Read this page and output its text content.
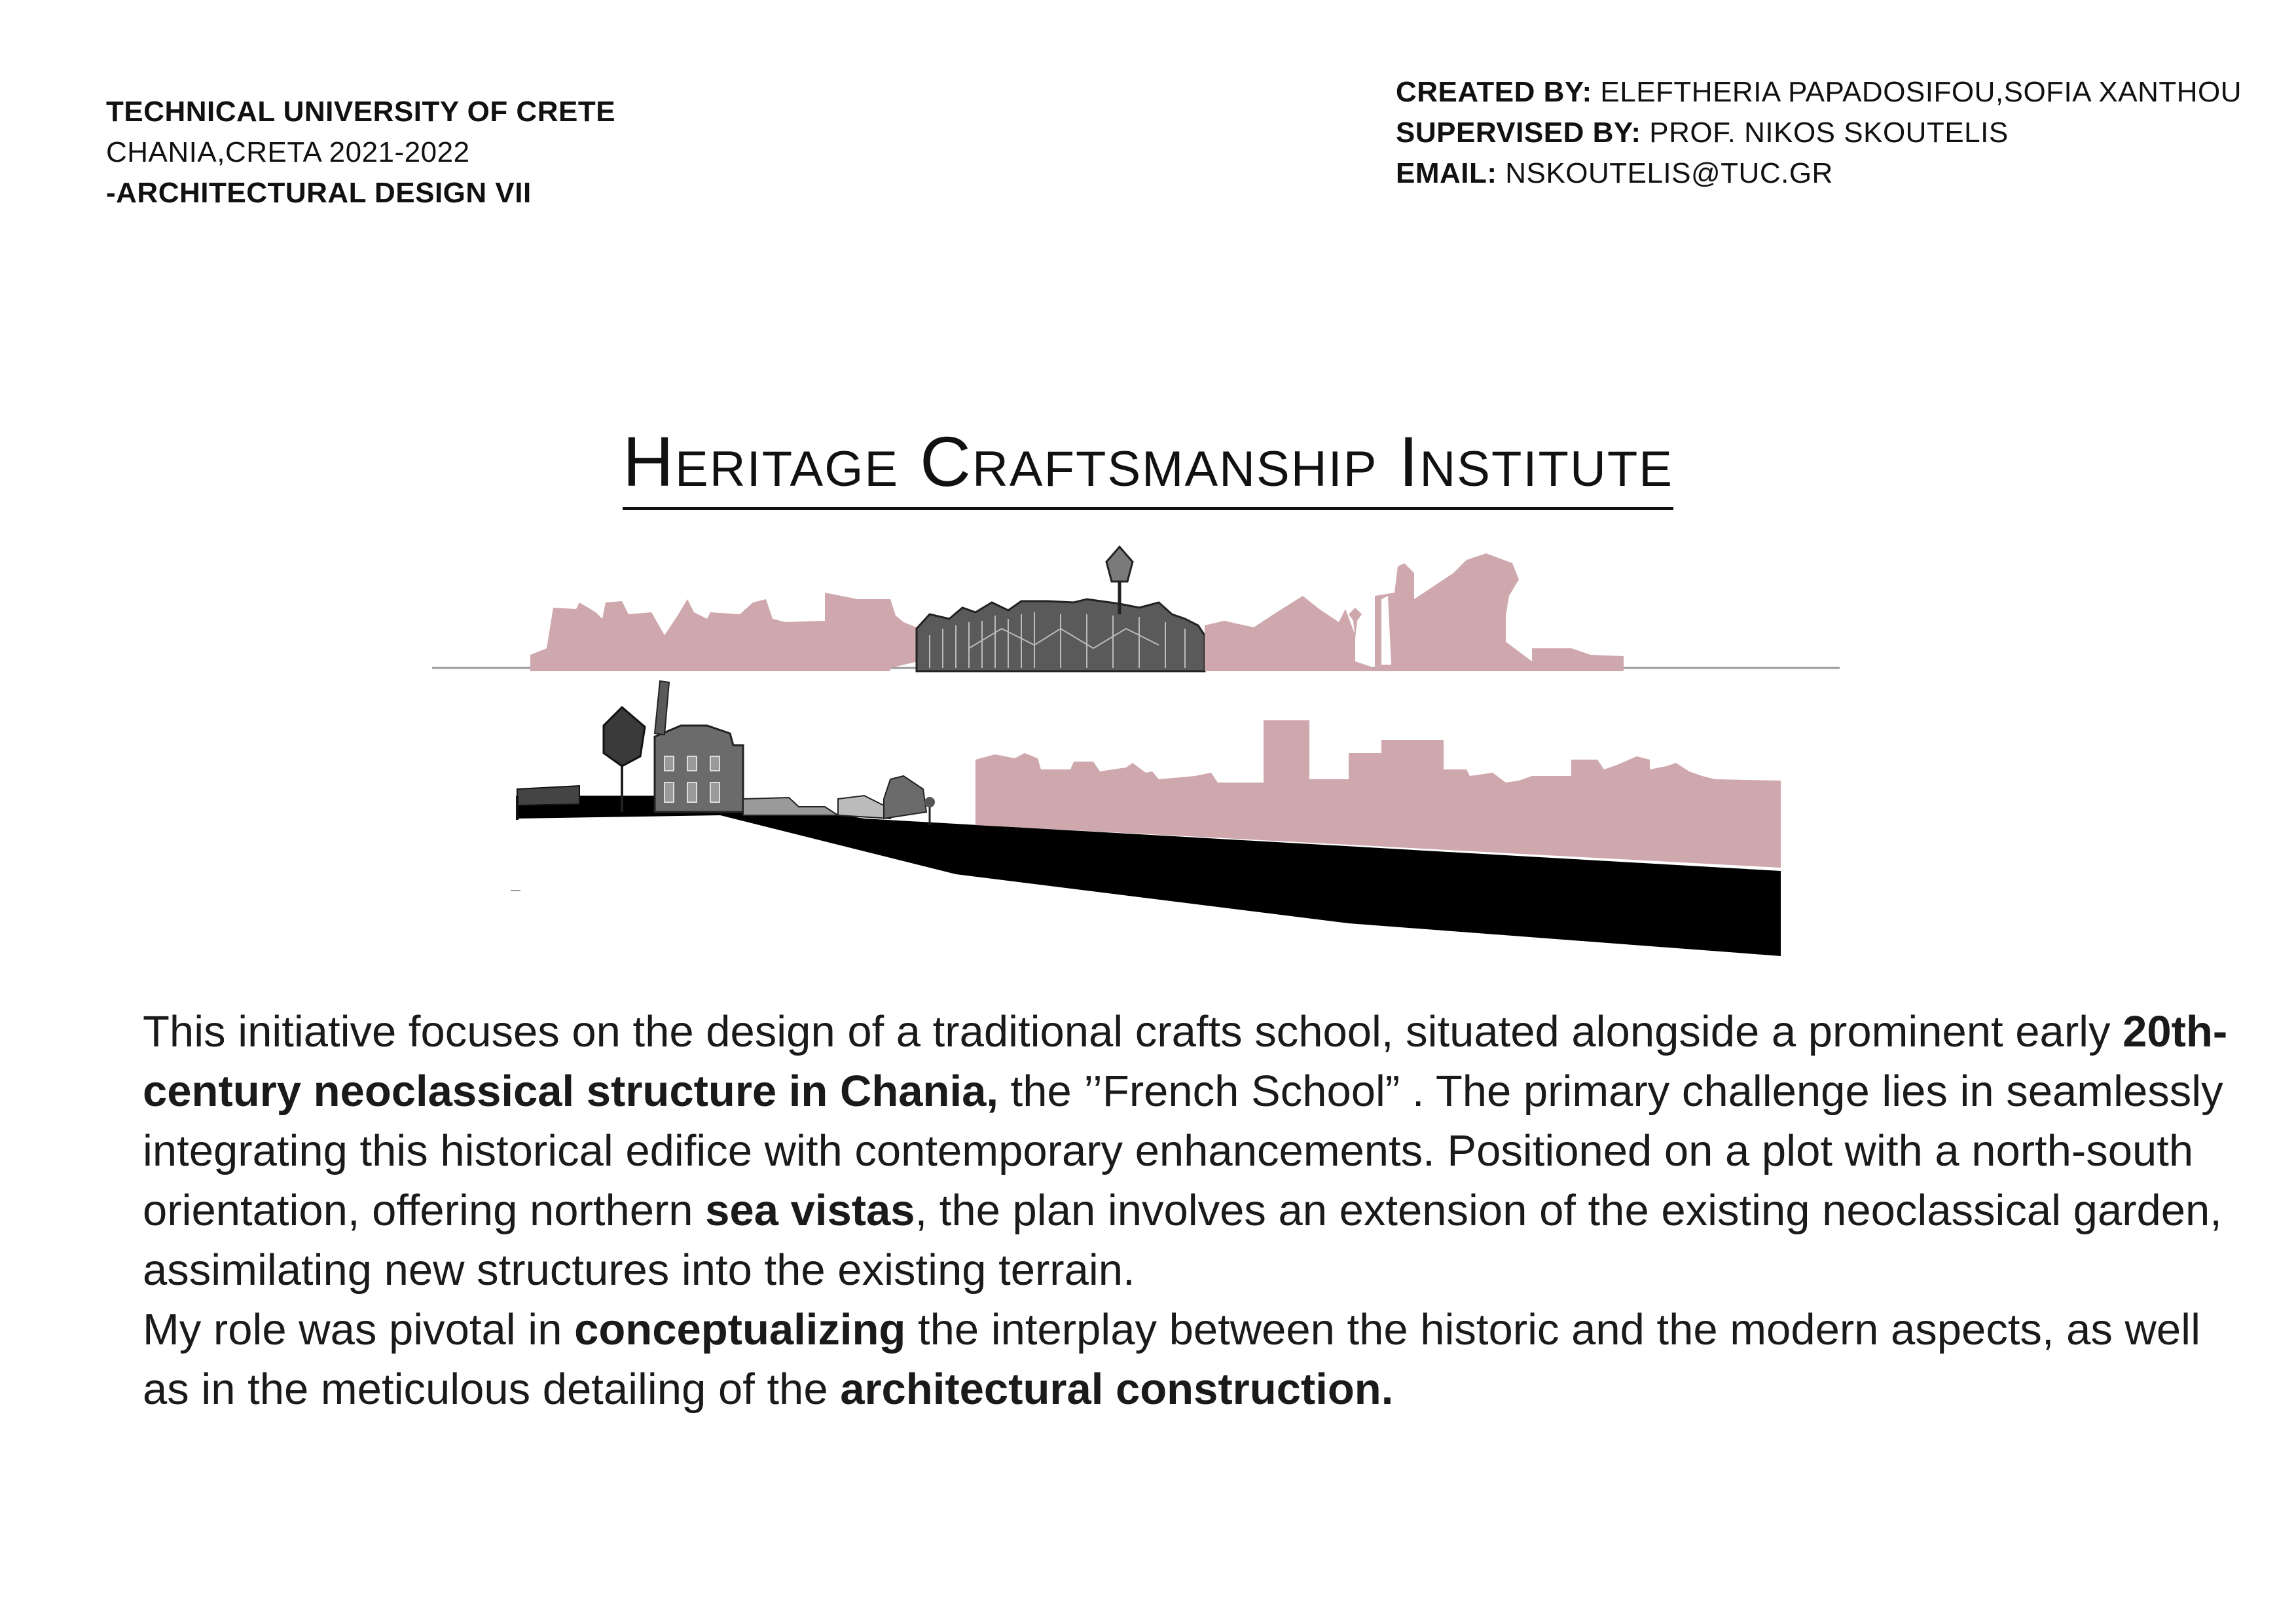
TECHNICAL UNIVERSITY OF CRETE
CHANIA,CRETA 2021-2022
-ARCHITECTURAL DESIGN VII
CREATED BY: ELEFTHERIA PAPADOSIFOU,SOFIA XANTHOU
SUPERVISED BY: PROF. NIKOS SKOUTELIS
EMAIL: NSKOUTELIS@TUC.GR
Heritage Craftsmanship Institute

This initiative focuses on the design of a traditional crafts school, situated alongside a prominent early 20th-century neoclassical structure in Chania, the ’’French School” . The primary challenge lies in seamlessly integrating this historical edifice with contemporary enhancements. Positioned on a plot with a north-south orientation, offering northern sea vistas, the plan involves an extension of the existing neoclassical garden, assimilating new structures into the existing terrain.

My role was pivotal in conceptualizing the interplay between the historic and the modern aspects, as well as in the meticulous detailing of the architectural construction.
